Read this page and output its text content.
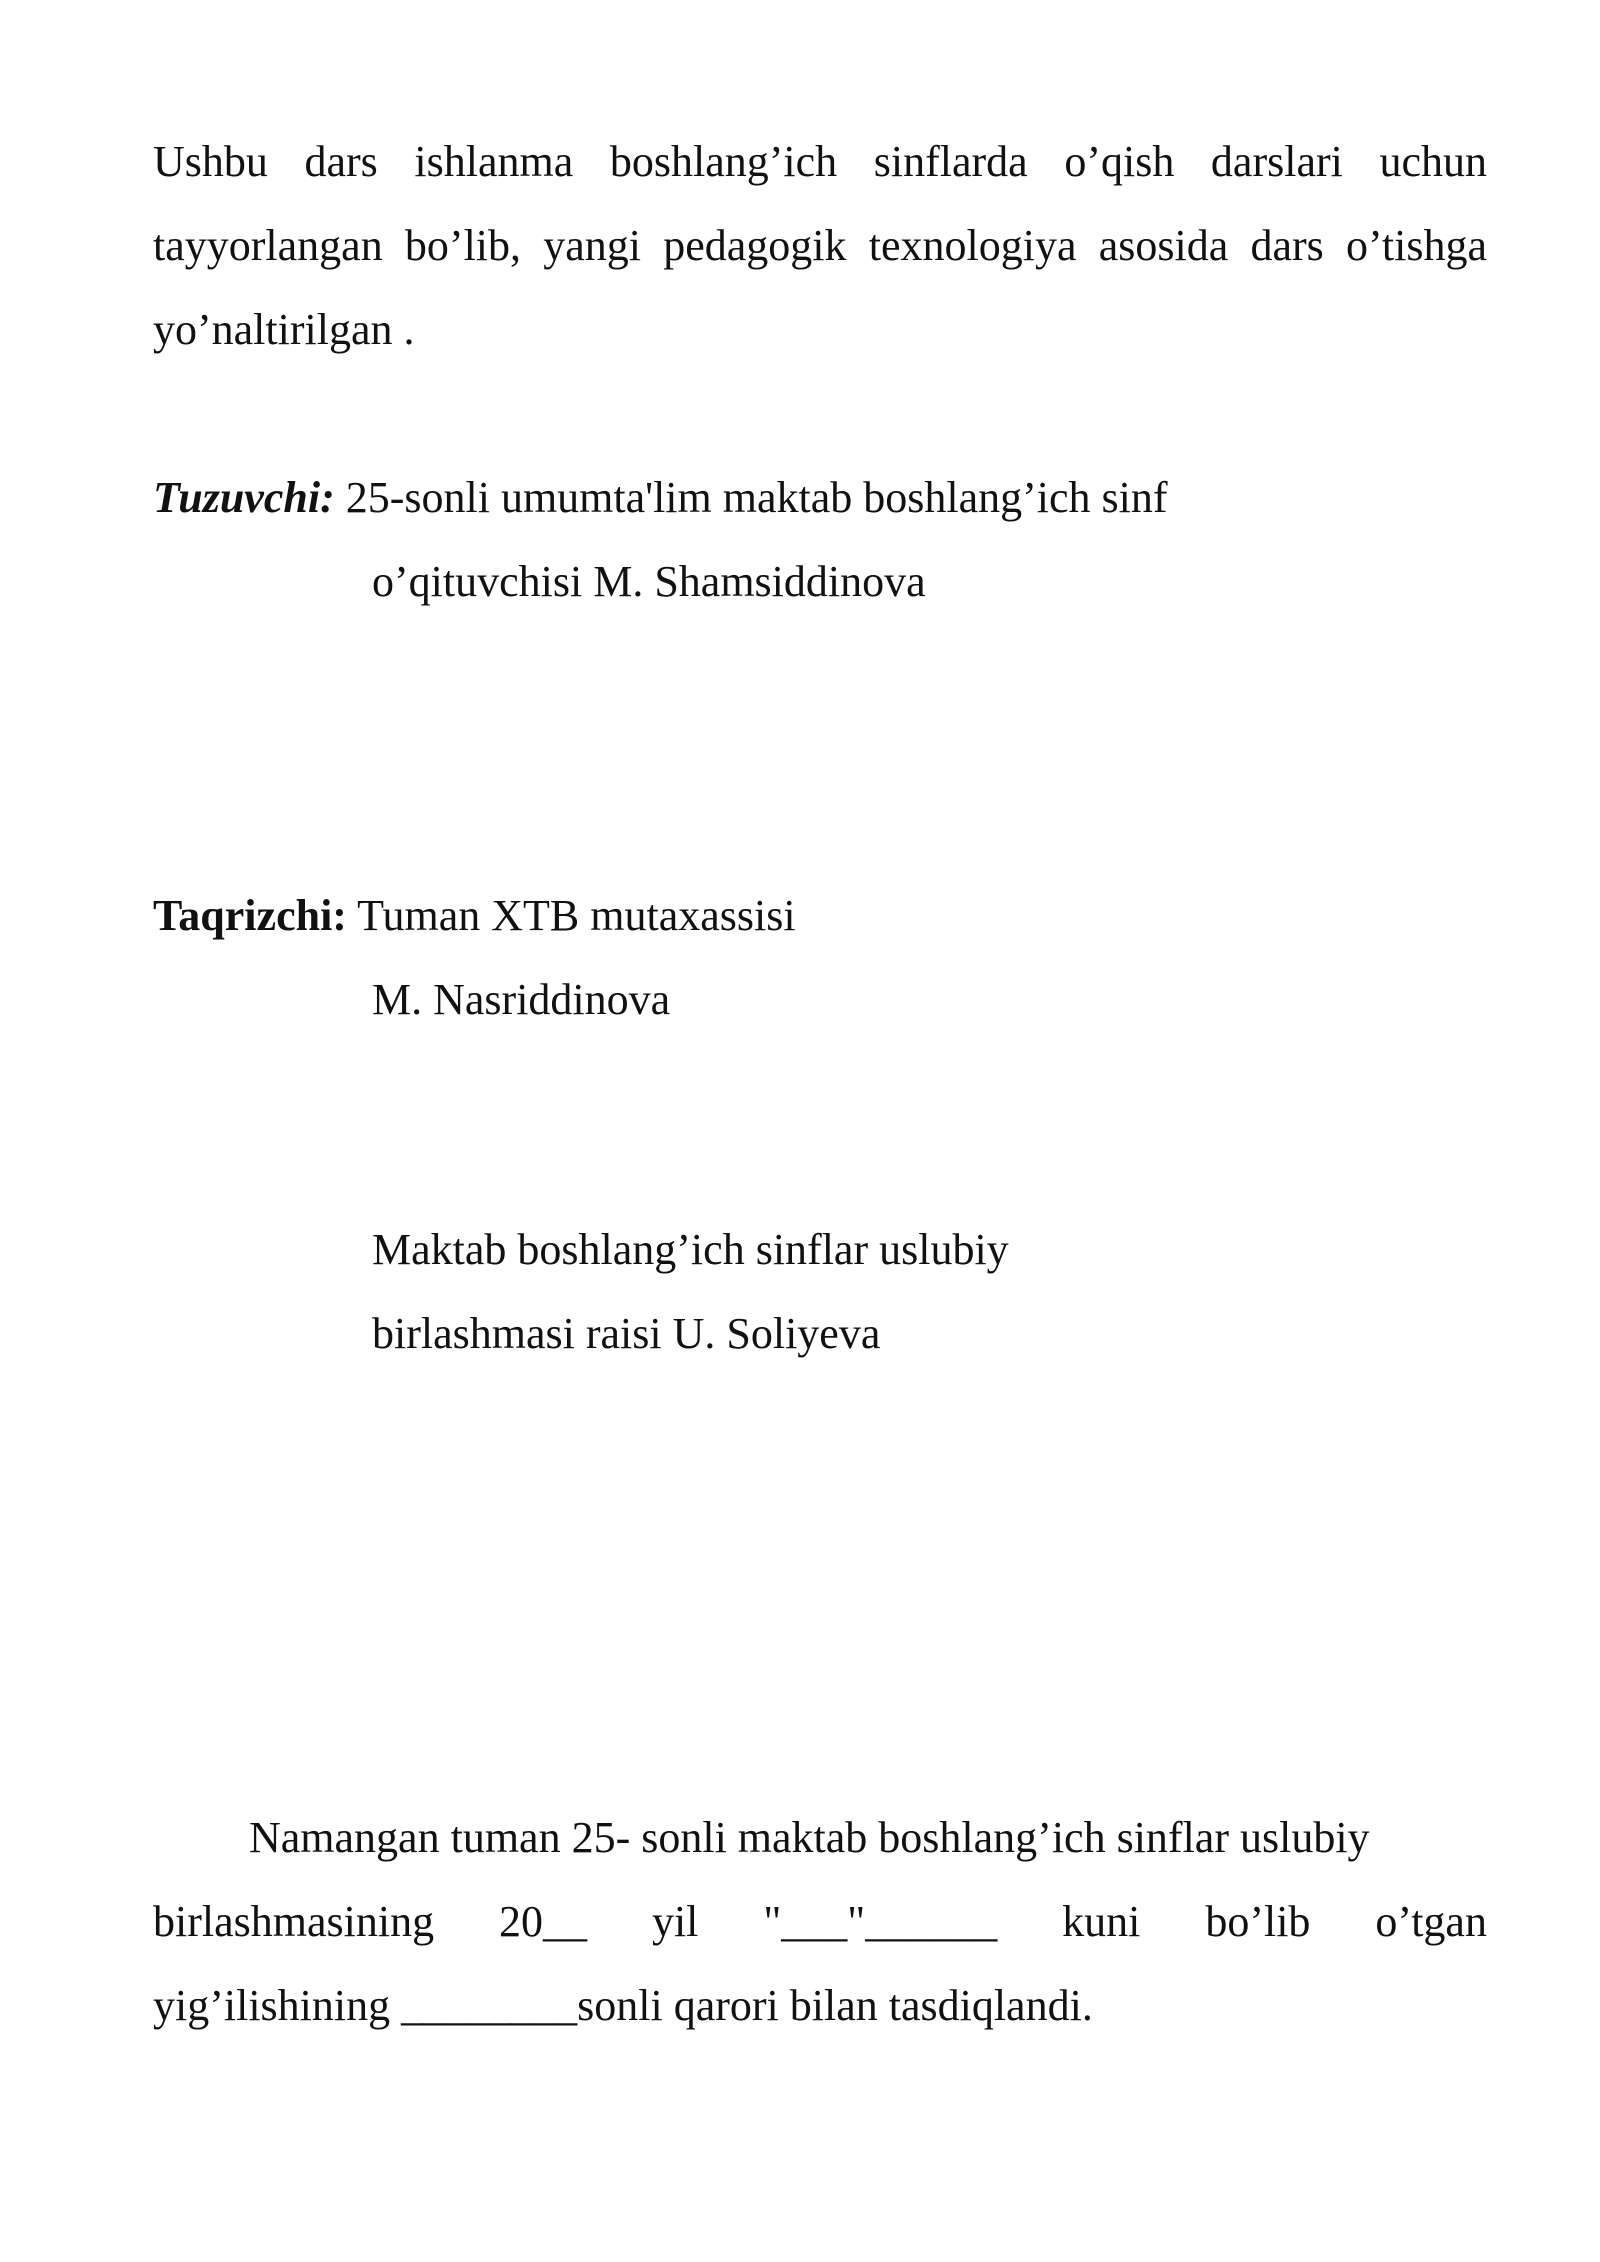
Ushbu dars ishlanma boshlang’ich sinflarda o’qish darslari uchun tayyorlangan bo’lib, yangi pedagogik texnologiya asosida dars o’tishga yo’naltirilgan .

Tuzuvchi: 25-sonli umumta'lim maktab boshlang’ich sinf
o’qituvchisi M. Shamsiddinova
Taqrizchi: Tuman XTB mutaxassisi
M. Nasriddinova
Maktab boshlang’ich sinflar uslubiy
birlashmasi raisi U. Soliyeva
Namangan tuman 25- sonli maktab boshlang’ich sinflar uslubiy
birlashmasining 20__ yil "___"______ kuni bo’lib o’tgan
yig’ilishining ________sonli qarori bilan tasdiqlandi.
